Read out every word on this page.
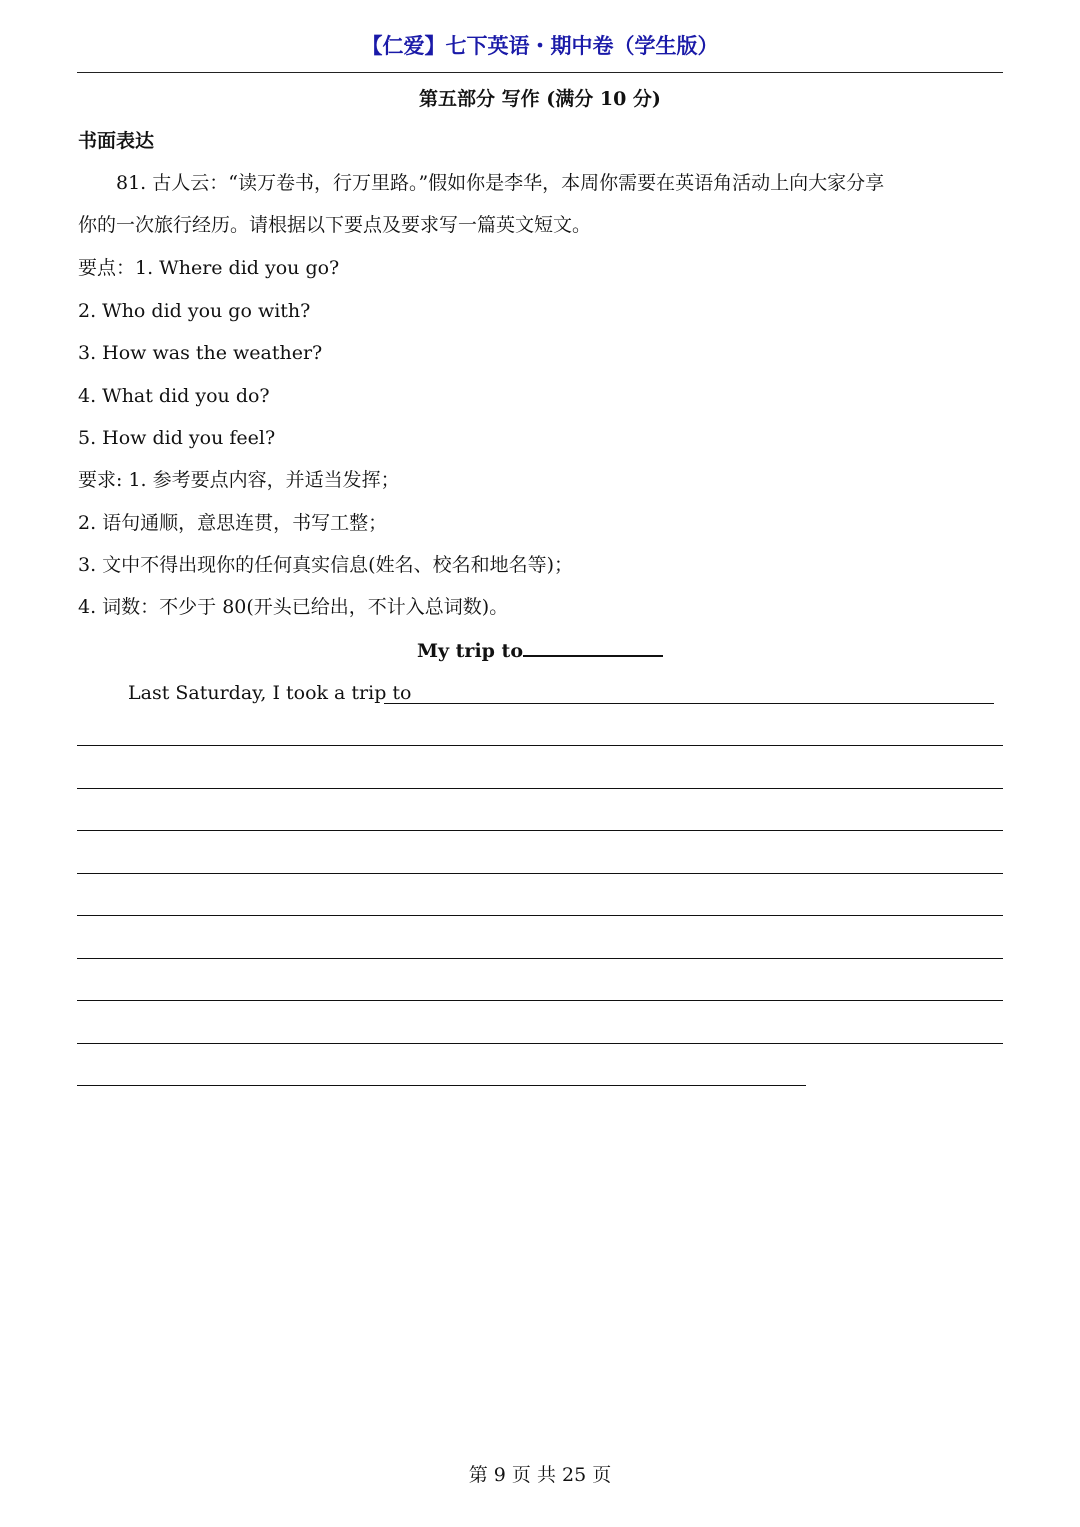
【仁爱】七下英语・期中卷（学生版）
第五部分 写作 (满分 10 分)
书面表达
81. 古人云：“读万卷书，行万里路。”假如你是李华，本周你需要在英语角活动上向大家分享
你的一次旅行经历。请根据以下要点及要求写一篇英文短文。
要点：1. Where did you go?
2. Who did you go with?
3. How was the weather?
4. What did you do?
5. How did you feel?
要求: 1. 参考要点内容，并适当发挥；
2. 语句通顺，意思连贯，书写工整；
3. 文中不得出现你的任何真实信息(姓名、校名和地名等)；
4. 词数：不少于 80(开头已给出，不计入总词数)。
My trip to
Last Saturday, I took a trip to
第 9 页 共 25 页
